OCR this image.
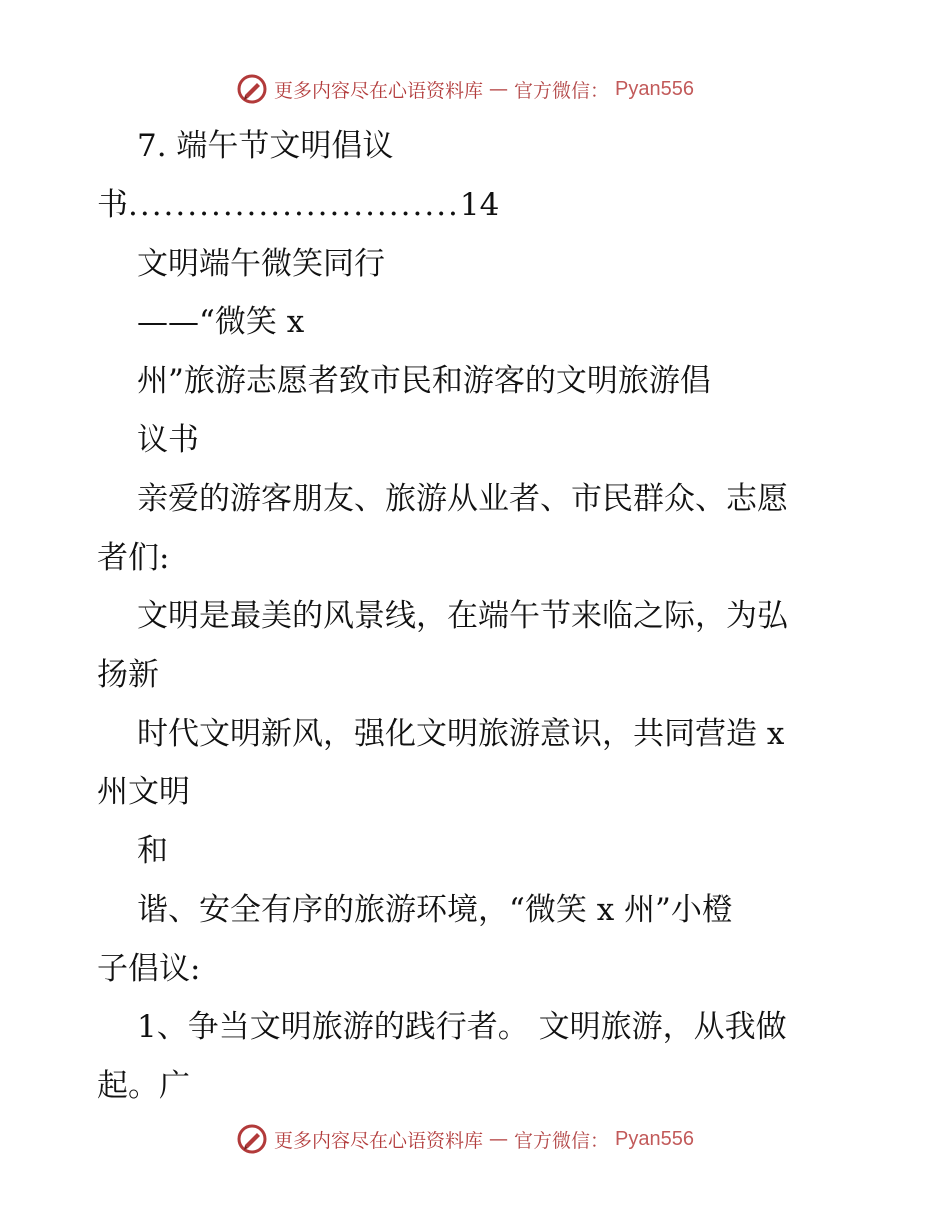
更多内容尽在心语资料库 — 官方微信： Pyan556
7. 端午节文明倡议
书............................14
文明端午微笑同行
——“微笑 x
州”旅游志愿者致市民和游客的文明旅游倡
议书
亲爱的游客朋友、旅游从业者、市民群众、志愿
者们:
文明是最美的风景线，在端午节来临之际，为弘
扬新
时代文明新风，强化文明旅游意识，共同营造 x
州文明
和
谐、安全有序的旅游环境，“微笑 x 州”小橙
子倡议:
1、争当文明旅游的践行者。 文明旅游，从我做
起。广
更多内容尽在心语资料库 — 官方微信： Pyan556
